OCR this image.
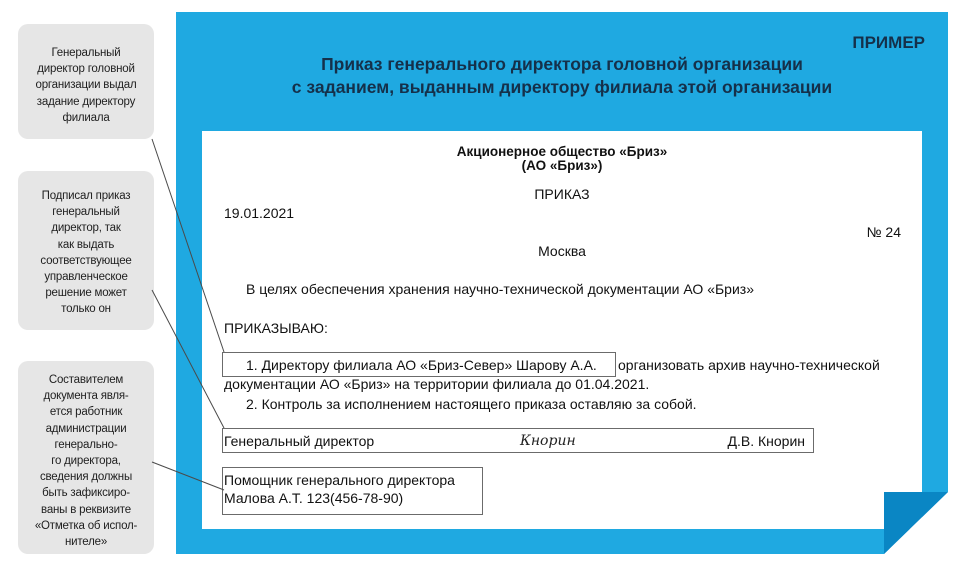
Генеральный
директор головной
организации выдал
задание директору
филиала
Подписал приказ
генеральный
директор, так
как выдать
соответствующее
управленческое
решение может
только он
Составителем
документа явля-
ется работник
администрации
генерально-
го директора,
сведения должны
быть зафиксиро-
ваны в реквизите
«Отметка об испол-
нителе»
ПРИМЕР
Приказ генерального директора головной организации
с заданием, выданным директору филиала этой организации
Акционерное общество «Бриз»
(АО «Бриз»)
ПРИКАЗ
19.01.2021
№ 24
Москва
В целях обеспечения хранения научно-технической документации АО «Бриз»
ПРИКАЗЫВАЮ:
1. Директору филиала АО «Бриз-Север» Шарову А.А. организовать архив научно-технической
документации АО «Бриз» на территории филиала до 01.04.2021.
2. Контроль за исполнением настоящего приказа оставляю за собой.
Генеральный директор	Кнорин	Д.В. Кнорин
Помощник генерального директора
Малова А.Т. 123(456-78-90)
